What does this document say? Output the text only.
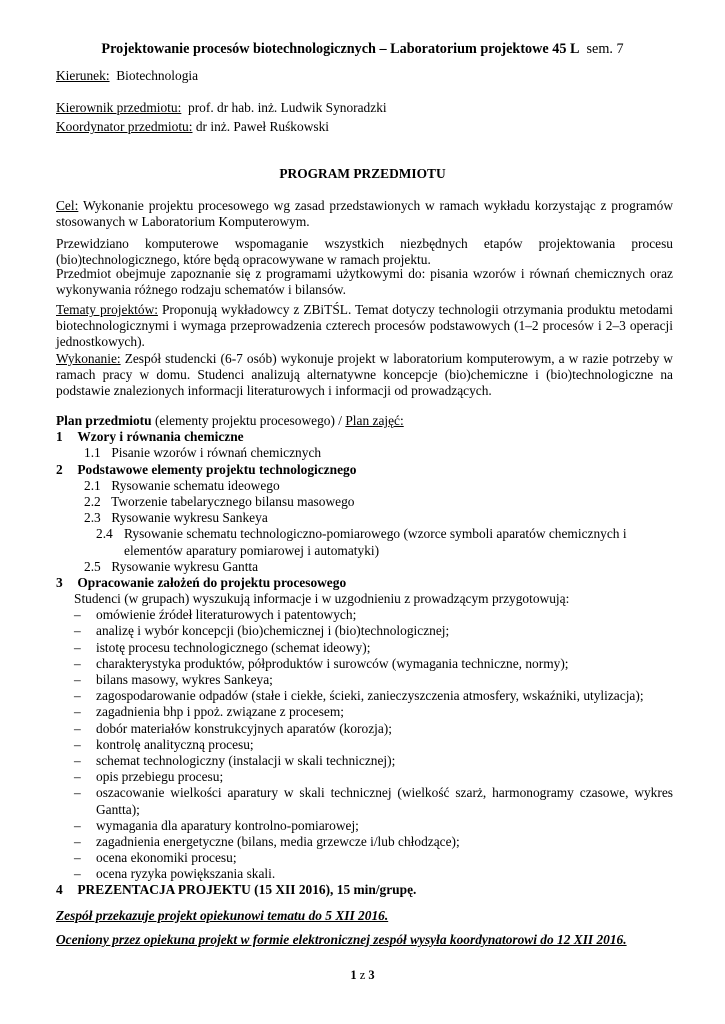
Projektowanie procesów biotechnologicznych – Laboratorium projektowe 45 L sem. 7
Kierunek: Biotechnologia
Kierownik przedmiotu: prof. dr hab. inż. Ludwik Synoradzki
Koordynator przedmiotu: dr inż. Paweł Ruśkowski
PROGRAM PRZEDMIOTU
Cel: Wykonanie projektu procesowego wg zasad przedstawionych w ramach wykładu korzystając z programów stosowanych w Laboratorium Komputerowym.
Przewidziano komputerowe wspomaganie wszystkich niezbędnych etapów projektowania procesu (bio)technologicznego, które będą opracowywane w ramach projektu.
Przedmiot obejmuje zapoznanie się z programami użytkowymi do: pisania wzorów i równań chemicznych oraz wykonywania różnego rodzaju schematów i bilansów.
Tematy projektów: Proponują wykładowcy z ZBiTŚL. Temat dotyczy technologii otrzymania produktu metodami biotechnologicznymi i wymaga przeprowadzenia czterech procesów podstawowych (1–2 procesów i 2–3 operacji jednostkowych).
Wykonanie: Zespół studencki (6-7 osób) wykonuje projekt w laboratorium komputerowym, a w razie potrzeby w ramach pracy w domu. Studenci analizują alternatywne koncepcje (bio)chemiczne i (bio)technologiczne na podstawie znalezionych informacji literaturowych i informacji od prowadzących.
Plan przedmiotu (elementy projektu procesowego) / Plan zajęć:
1 Wzory i równania chemiczne
1.1 Pisanie wzorów i równań chemicznych
2 Podstawowe elementy projektu technologicznego
2.1 Rysowanie schematu ideowego
2.2 Tworzenie tabelarycznego bilansu masowego
2.3 Rysowanie wykresu Sankeya
2.4 Rysowanie schematu technologiczno-pomiarowego (wzorce symboli aparatów chemicznych i elementów aparatury pomiarowej i automatyki)
2.5 Rysowanie wykresu Gantta
3 Opracowanie założeń do projektu procesowego
Studenci (w grupach) wyszukują informacje i w uzgodnieniu z prowadzącym przygotowują:
– omówienie źródeł literaturowych i patentowych;
– analizę i wybór koncepcji (bio)chemicznej i (bio)technologicznej;
– istotę procesu technologicznego (schemat ideowy);
– charakterystyka produktów, półproduktów i surowców (wymagania techniczne, normy);
– bilans masowy, wykres Sankeya;
– zagospodarowanie odpadów (stałe i ciekłe, ścieki, zanieczyszczenia atmosfery, wskaźniki, utylizacja);
– zagadnienia bhp i ppoż. związane z procesem;
– dobór materiałów konstrukcyjnych aparatów (korozja);
– kontrolę analityczną procesu;
– schemat technologiczny (instalacji w skali technicznej);
– opis przebiegu procesu;
– oszacowanie wielkości aparatury w skali technicznej (wielkość szarż, harmonogramy czasowe, wykres Gantta);
– wymagania dla aparatury kontrolno-pomiarowej;
– zagadnienia energetyczne (bilans, media grzewcze i/lub chłodzące);
– ocena ekonomiki procesu;
– ocena ryzyka powiększania skali.
4 PREZENTACJA PROJEKTU (15 XII 2016), 15 min/grupę.
Zespół przekazuje projekt opiekunowi tematu do 5 XII 2016.
Oceniony przez opiekuna projekt w formie elektronicznej zespół wysyła koordynatorowi do 12 XII 2016.
1 z 3
